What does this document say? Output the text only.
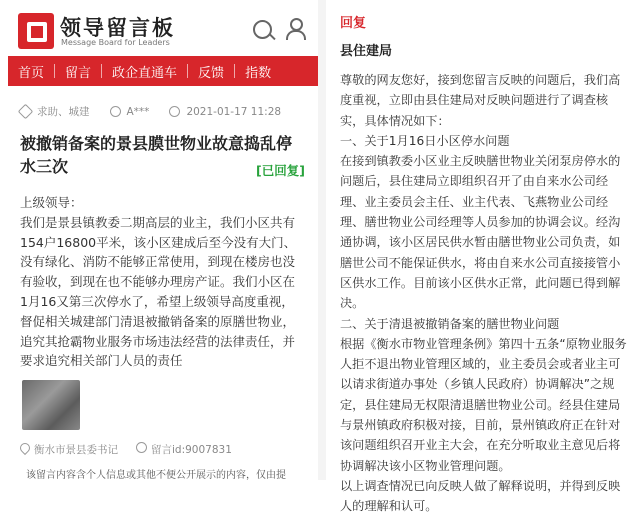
领导留言板
Message Board for Leaders
首页	留言	政企直通车	反馈	指数
求助、城建	A***	2021-01-17 11:28
被撤销备案的景县膜世物业故意捣乱停水三次	[已回复]

上级领导：

我们是景县镇教委二期高层的业主，我们小区共有154户16800平米，该小区建成后至今没有大门、没有绿化、消防不能够正常使用，到现在楼房也没有验收，到现在也不能够办理房产证。我们小区在1月16又第三次停水了，希望上级领导高度重视，督促相关城建部门清退被撤销备案的原膳世物业，追究其抢霸物业服务市场违法经营的法律责任，并要求追究相关部门人员的责任

衡水市景县委书记	留言id:9007831
该留言内容含个人信息或其他不便公开展示的内容，仅由提
回复
县住建局

尊敬的网友您好，接到您留言反映的问题后，我们高度重视，立即由县住建局对反映问题进行了调查核实，具体情况如下：

一、关于1月16日小区停水问题

在接到镇教委小区业主反映膳世物业关闭泵房停水的问题后，县住建局立即组织召开了由自来水公司经理、业主委员会主任、业主代表、飞燕物业公司经理、膳世物业公司经理等人员参加的协调会议。经沟通协调，该小区居民供水暂由膳世物业公司负责，如膳世公司不能保证供水，将由自来水公司直接接管小区供水工作。目前该小区供水正常，此问题已得到解决。

二、关于清退被撤销备案的膳世物业问题

根据《衡水市物业管理条例》第四十五条“原物业服务人拒不退出物业管理区域的，业主委员会或者业主可以请求街道办事处（乡镇人民政府）协调解决”之规定，县住建局无权限清退膳世物业公司。经县住建局与景州镇政府积极对接，目前，景州镇政府正在针对该问题组织召开业主大会，在充分听取业主意见后将协调解决该小区物业管理问题。

以上调查情况已向反映人做了解释说明，并得到反映人的理解和认可。
